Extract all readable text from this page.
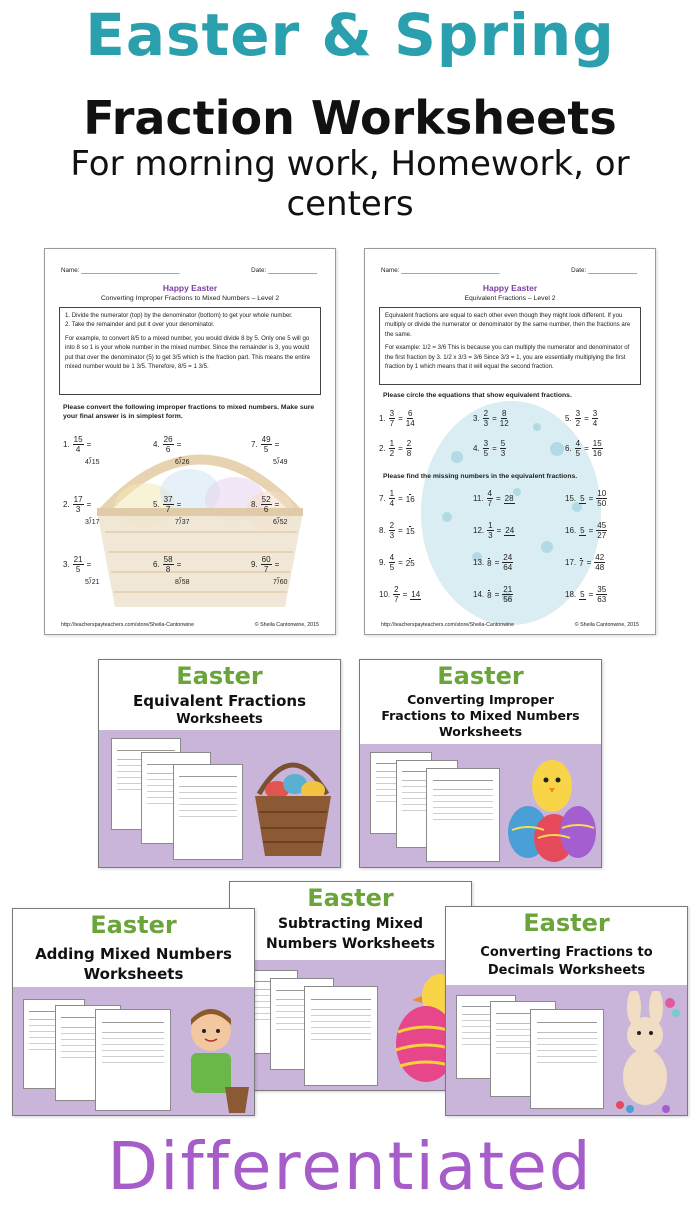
Easter & Spring
Fraction Worksheets
For morning work, Homework, or centers
Name: ____________________________	Date: ______________
Happy Easter
Converting Improper Fractions to Mixed Numbers – Level 2
1. Divide the numerator (top) by the denominator (bottom) to get your whole number.
2. Take the remainder and put it over your denominator.
For example, to convert 8/5 to a mixed number, you would divide 8 by 5. Only one 5 will go into 8 so 1 is your whole number in the mixed number. Since the remainder is 3, you would put that over the denominator (5) to get 3/5 which is the fraction part. This means the entire mixed number would be 1 3/5. Therefore, 8/5 = 1 3/5.
Please convert the following improper fractions to mixed numbers. Make sure your final answer is in simplest form.
1. $\frac{15}{4}$ =
4⟌15
4. $\frac{26}{6}$ =
6⟌26
7. $\frac{49}{5}$ =
5⟌49
2. $\frac{17}{3}$ =
3⟌17
5. $\frac{37}{7}$ =
7⟌37
8. $\frac{52}{6}$ =
6⟌52
3. $\frac{21}{5}$ =
5⟌21
6. $\frac{58}{8}$ =
8⟌58
9. $\frac{60}{7}$ =
7⟌60
http://teacherspayteachers.com/store/Sheila-Cantonwine	© Sheila Cantonwine, 2015
Name: ____________________________	Date: ______________
Happy Easter
Equivalent Fractions – Level 2
Equivalent fractions are equal to each other even though they might look different. If you multiply or divide the numerator or denominator by the same number, then the fractions are the same.
For example: 1/2 = 3/6 This is because you can multiply the numerator and denominator of the first fraction by 3. 1/2 x 3/3 = 3/6 Since 3/3 = 1, you are essentially multiplying the first fraction by 1 which means that it will equal the second fraction.
Please circle the equations that show equivalent fractions.
1. $\frac{3}{7} = \frac{6}{14}$	3. $\frac{2}{3} = \frac{8}{12}$	5. $\frac{3}{2} = \frac{3}{4}$
2. $\frac{1}{2} = \frac{2}{8}$	4. $\frac{3}{5} = \frac{5}{3}$	6. $\frac{4}{5} = \frac{15}{16}$
Please find the missing numbers in the equivalent fractions.
7. $\frac{1}{4} = 16$	11. $\frac{4}{7} = 28$	15. $5 = \frac{10}{50}$
8. $\frac{2}{3} = 15$	12. $\frac{1}{3} = 24$	16. $5 = \frac{45}{27}$
9. $\frac{4}{5} = 25$	13. $8 = \frac{24}{64}$	17. $7 = \frac{42}{48}$
10. $\frac{2}{7} = 14$	14. $8 = \frac{21}{56}$	18. $5 = \frac{35}{63}$
http://teacherspayteachers.com/store/Sheila-Cantonwine	© Sheila Cantonwine, 2015
Easter
Equivalent Fractions
Worksheets
Easter
Converting Improper
Fractions to Mixed Numbers
Worksheets
Easter
Subtracting Mixed
Numbers Worksheets
Easter
Adding Mixed Numbers
Worksheets
Easter
Converting Fractions to
Decimals Worksheets
Differentiated
